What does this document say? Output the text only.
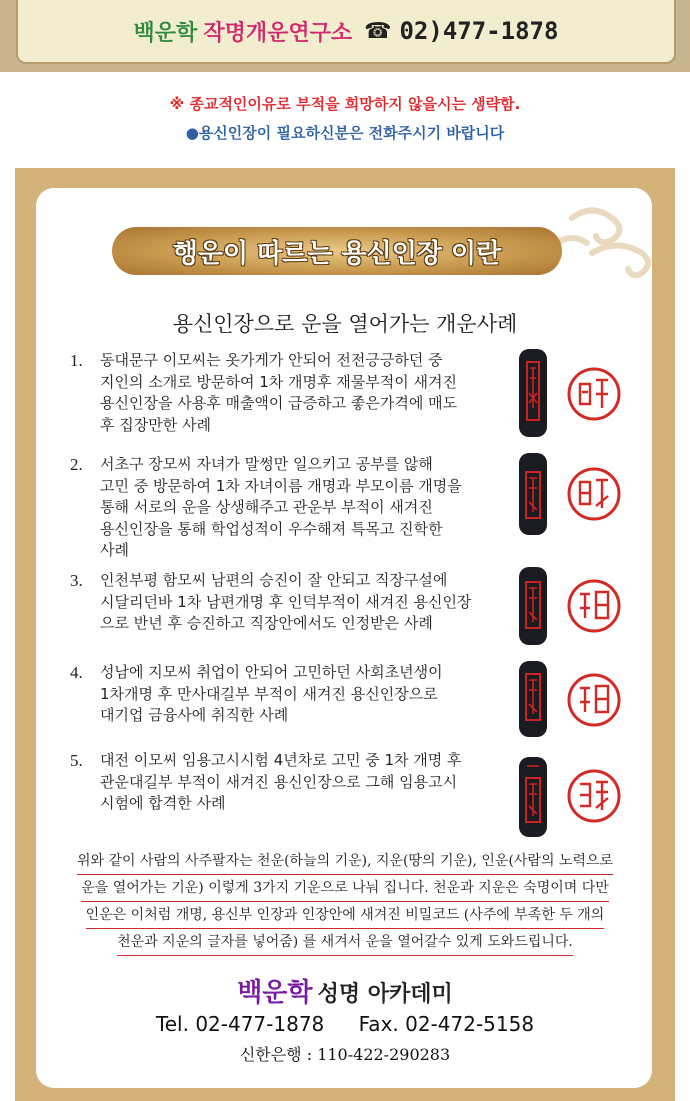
백운학 작명개운연구소 ☎ 02)477-1878
※ 종교적인이유로 부적을 희망하지 않을시는 생략함.
●용신인장이 필요하신분은 전화주시기 바랍니다
행운이 따르는 용신인장 이란
용신인장으로 운을 열어가는 개운사례
1. 동대문구 이모씨는 옷가게가 안되어 전전긍긍하던 중
지인의 소개로 방문하여 1차 개명후 재물부적이 새겨진
용신인장을 사용후 매출액이 급증하고 좋은가격에 매도
후 집장만한 사례
2. 서초구 장모씨 자녀가 말썽만 일으키고 공부를 않해
고민 중 방문하여 1차 자녀이름 개명과 부모이름 개명을
통해 서로의 운을 상생해주고 관운부 부적이 새겨진
용신인장을 통해 학업성적이 우수해져 특목고 진학한
사례
3. 인천부평 함모씨 남편의 승진이 잘 안되고 직장구설에
시달리던바 1차 남편개명 후 인덕부적이 새겨진 용신인장
으로 반년 후 승진하고 직장안에서도 인정받은 사례
4. 성남에 지모씨 취업이 안되어 고민하던 사회초년생이
1차개명 후 만사대길부 부적이 새겨진 용신인장으로
대기업 금융사에 취직한 사례
5. 대전 이모씨 임용고시시험 4년차로 고민 중 1차 개명 후
관운대길부 부적이 새겨진 용신인장으로 그해 임용고시
시험에 합격한 사례
위와 같이 사람의 사주팔자는 천운(하늘의 기운), 지운(땅의 기운), 인운(사람의 노력으로
운을 열어가는 기운) 이렇게 3가지 기운으로 나눠 집니다. 천운과 지운은 숙명이며 다만
인운은 이처럼 개명, 용신부 인장과 인장안에 새겨진 비밀코드 (사주에 부족한 두 개의
천운과 지운의 글자를 넣어줌) 를 새겨서 운을 열어갈수 있게 도와드립니다.
백운학 성명 아카데미
Tel. 02-477-1878 Fax. 02-472-5158
신한은행 : 110-422-290283
